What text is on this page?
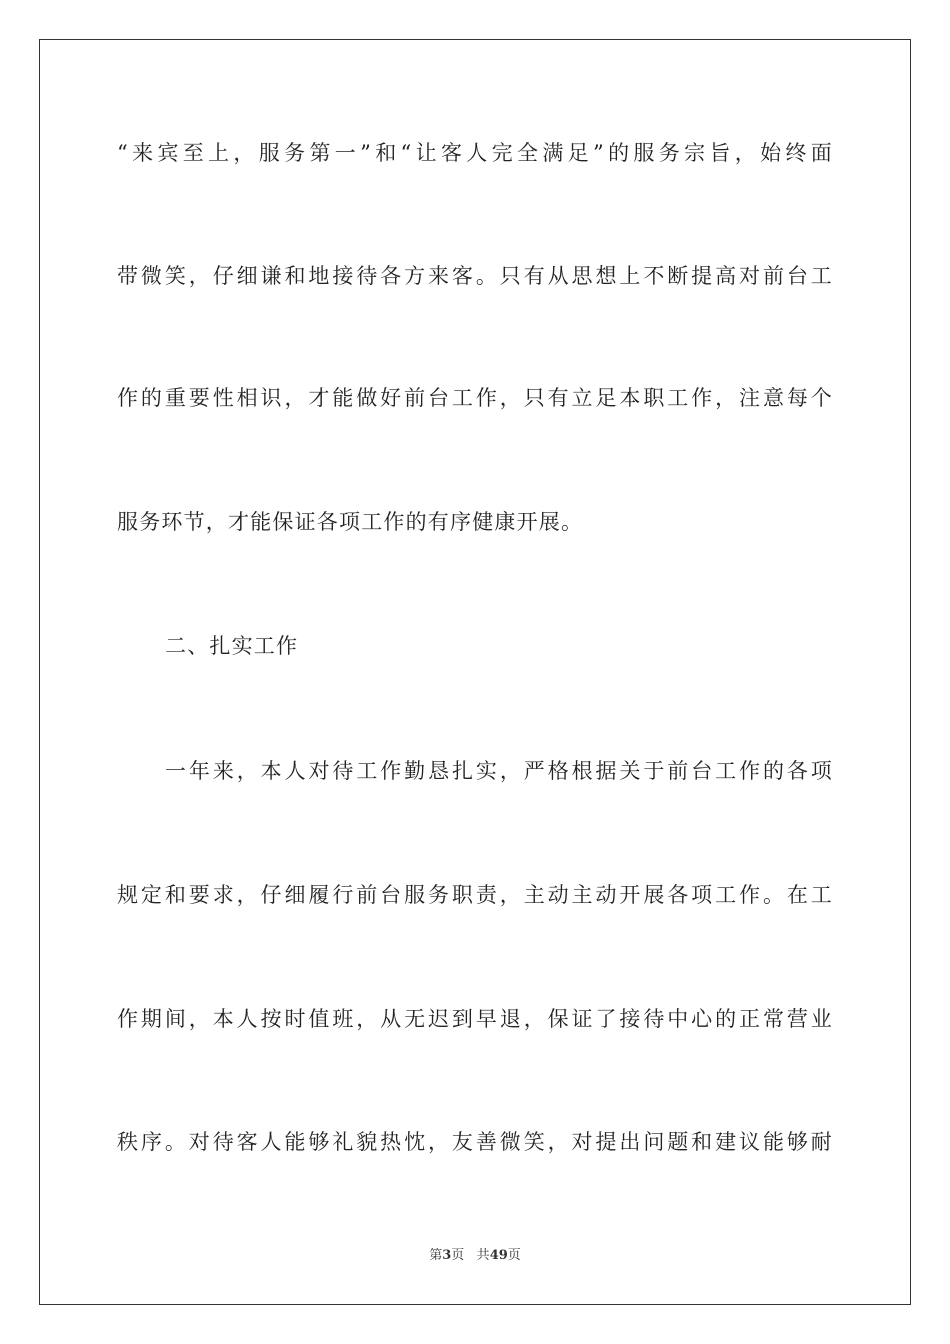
“来宾至上，服务第一”和“让客人完全满足”的服务宗旨，始终面
带微笑，仔细谦和地接待各方来客。只有从思想上不断提高对前台工
作的重要性相识，才能做好前台工作，只有立足本职工作，注意每个
服务环节，才能保证各项工作的有序健康开展。
二、扎实工作
一年来，本人对待工作勤恳扎实，严格根据关于前台工作的各项
规定和要求，仔细履行前台服务职责，主动主动开展各项工作。在工
作期间，本人按时值班，从无迟到早退，保证了接待中心的正常营业
秩序。对待客人能够礼貌热忱，友善微笑，对提出问题和建议能够耐
第3页 共49页
